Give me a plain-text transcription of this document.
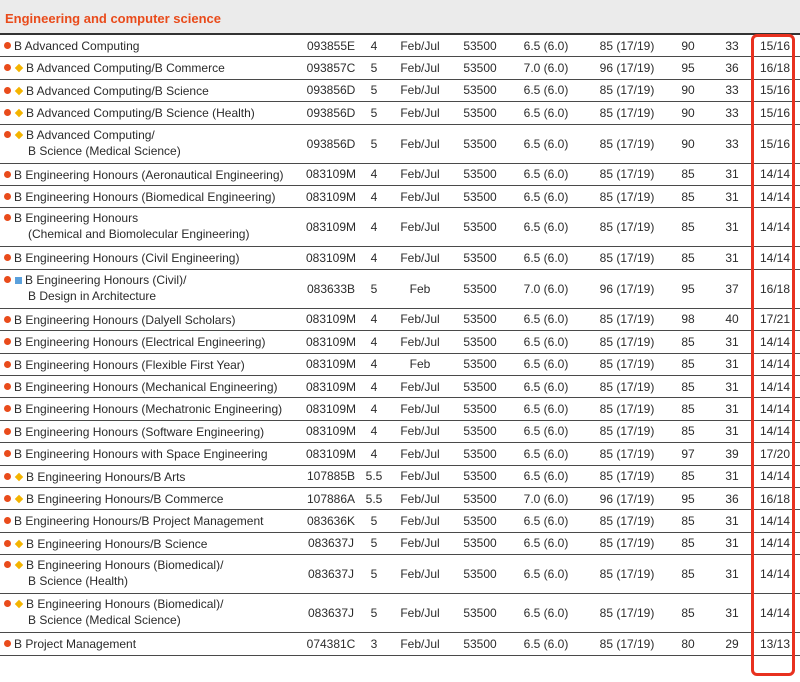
Engineering and computer science
B Advanced Computing	093855E	4	Feb/Jul	53500	6.5 (6.0)	85 (17/19)	90	33	15/16
B Advanced Computing/B Commerce	093857C	5	Feb/Jul	53500	7.0 (6.0)	96 (17/19)	95	36	16/18
B Advanced Computing/B Science	093856D	5	Feb/Jul	53500	6.5 (6.0)	85 (17/19)	90	33	15/16
B Advanced Computing/B Science (Health)	093856D	5	Feb/Jul	53500	6.5 (6.0)	85 (17/19)	90	33	15/16
B Advanced Computing/
B Science (Medical Science)	093856D	5	Feb/Jul	53500	6.5 (6.0)	85 (17/19)	90	33	15/16
B Engineering Honours (Aeronautical Engineering)	083109M	4	Feb/Jul	53500	6.5 (6.0)	85 (17/19)	85	31	14/14
B Engineering Honours (Biomedical Engineering)	083109M	4	Feb/Jul	53500	6.5 (6.0)	85 (17/19)	85	31	14/14
B Engineering Honours
(Chemical and Biomolecular Engineering)	083109M	4	Feb/Jul	53500	6.5 (6.0)	85 (17/19)	85	31	14/14
B Engineering Honours (Civil Engineering)	083109M	4	Feb/Jul	53500	6.5 (6.0)	85 (17/19)	85	31	14/14
B Engineering Honours (Civil)/
B Design in Architecture	083633B	5	Feb	53500	7.0 (6.0)	96 (17/19)	95	37	16/18
B Engineering Honours (Dalyell Scholars)	083109M	4	Feb/Jul	53500	6.5 (6.0)	85 (17/19)	98	40	17/21
B Engineering Honours (Electrical Engineering)	083109M	4	Feb/Jul	53500	6.5 (6.0)	85 (17/19)	85	31	14/14
B Engineering Honours (Flexible First Year)	083109M	4	Feb	53500	6.5 (6.0)	85 (17/19)	85	31	14/14
B Engineering Honours (Mechanical Engineering)	083109M	4	Feb/Jul	53500	6.5 (6.0)	85 (17/19)	85	31	14/14
B Engineering Honours (Mechatronic Engineering)	083109M	4	Feb/Jul	53500	6.5 (6.0)	85 (17/19)	85	31	14/14
B Engineering Honours (Software Engineering)	083109M	4	Feb/Jul	53500	6.5 (6.0)	85 (17/19)	85	31	14/14
B Engineering Honours with Space Engineering	083109M	4	Feb/Jul	53500	6.5 (6.0)	85 (17/19)	97	39	17/20
B Engineering Honours/B Arts	107885B 5.5	Feb/Jul	53500	6.5 (6.0)	85 (17/19)	85	31	14/14
B Engineering Honours/B Commerce	107886A 5.5	Feb/Jul	53500	7.0 (6.0)	96 (17/19)	95	36	16/18
B Engineering Honours/B Project Management	083636K	5	Feb/Jul	53500	6.5 (6.0)	85 (17/19)	85	31	14/14
B Engineering Honours/B Science	083637J	5	Feb/Jul	53500	6.5 (6.0)	85 (17/19)	85	31	14/14
B Engineering Honours (Biomedical)/
B Science (Health)	083637J	5	Feb/Jul	53500	6.5 (6.0)	85 (17/19)	85	31	14/14
B Engineering Honours (Biomedical)/
B Science (Medical Science)	083637J	5	Feb/Jul	53500	6.5 (6.0)	85 (17/19)	85	31	14/14
B Project Management	074381C	3	Feb/Jul	53500	6.5 (6.0)	85 (17/19)	80	29	13/13
